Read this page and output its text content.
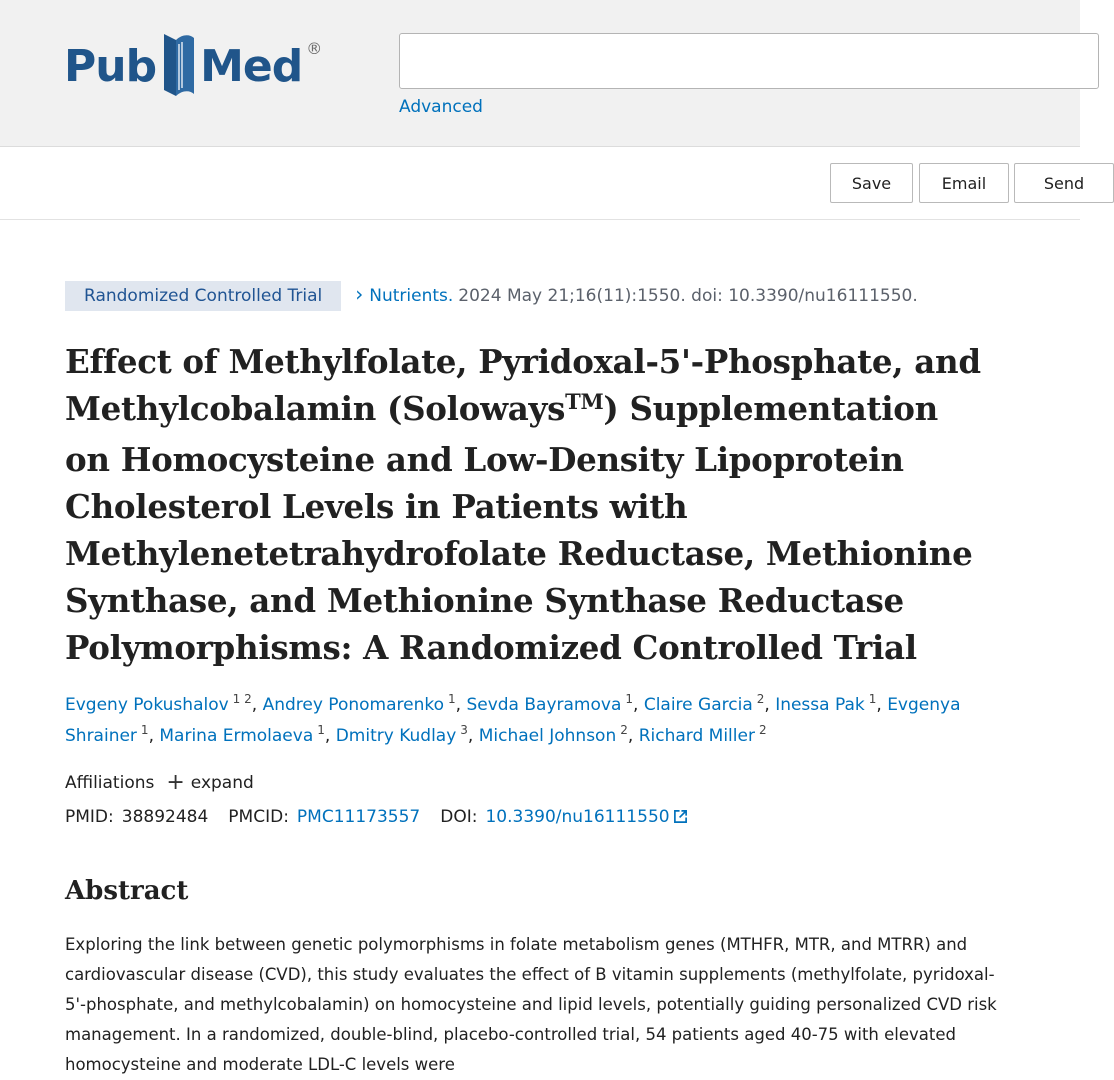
Pub Med ®
Advanced
Save	Email	Send
Randomized Controlled Trial	› Nutrients. 2024 May 21;16(11):1550. doi: 10.3390/nu16111550.
Effect of Methylfolate, Pyridoxal-5'-Phosphate, and Methylcobalamin (Soloways™) Supplementation on Homocysteine and Low-Density Lipoprotein Cholesterol Levels in Patients with Methylenetetrahydrofolate Reductase, Methionine Synthase, and Methionine Synthase Reductase Polymorphisms: A Randomized Controlled Trial
Evgeny Pokushalov $^{1 2}$, Andrey Ponomarenko $^1$, Sevda Bayramova $^1$, Claire Garcia $^2$, Inessa Pak $^1$, Evgenya Shrainer $^1$, Marina Ermolaeva $^1$, Dmitry Kudlay $^3$, Michael Johnson $^2$, Richard Miller $^2$
Affiliations + expand
PMID: 38892484 PMCID: PMC11173557 DOI: 10.3390/nu16111550
Abstract

Exploring the link between genetic polymorphisms in folate metabolism genes (MTHFR, MTR, and MTRR) and cardiovascular disease (CVD), this study evaluates the effect of B vitamin supplements (methylfolate, pyridoxal-5'-phosphate, and methylcobalamin) on homocysteine and lipid levels, potentially guiding personalized CVD risk management. In a randomized, double-blind, placebo-controlled trial, 54 patients aged 40-75 with elevated homocysteine and moderate LDL-C levels were
